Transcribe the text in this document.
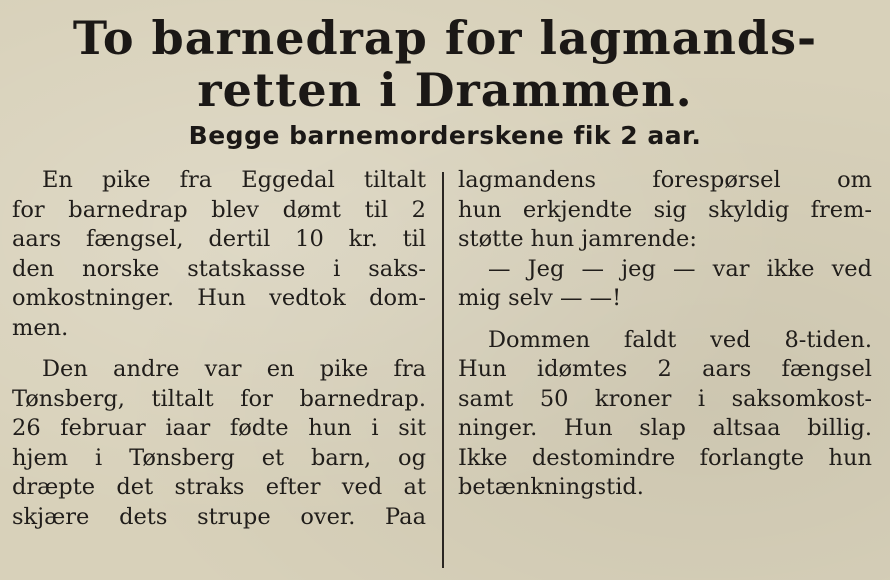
To barnedrap for lagmands-
retten i Drammen.
Begge barnemorderskene fik 2 aar.
En pike fra Eggedal tiltalt
for barnedrap blev dømt til 2
aars fængsel, dertil 10 kr. til
den norske statskasse i saks-
omkostninger. Hun vedtok dom-
men.
Den andre var en pike fra
Tønsberg, tiltalt for barnedrap.
26 februar iaar fødte hun i sit
hjem i Tønsberg et barn, og
dræpte det straks efter ved at
skjære dets strupe over. Paa
lagmandens forespørsel om
hun erkjendte sig skyldig frem-
støtte hun jamrende:
— Jeg — jeg — var ikke ved
mig selv — —!
Dommen faldt ved 8-tiden.
Hun idømtes 2 aars fængsel
samt 50 kroner i saksomkost-
ninger. Hun slap altsaa billig.
Ikke destomindre forlangte hun
betænkningstid.
